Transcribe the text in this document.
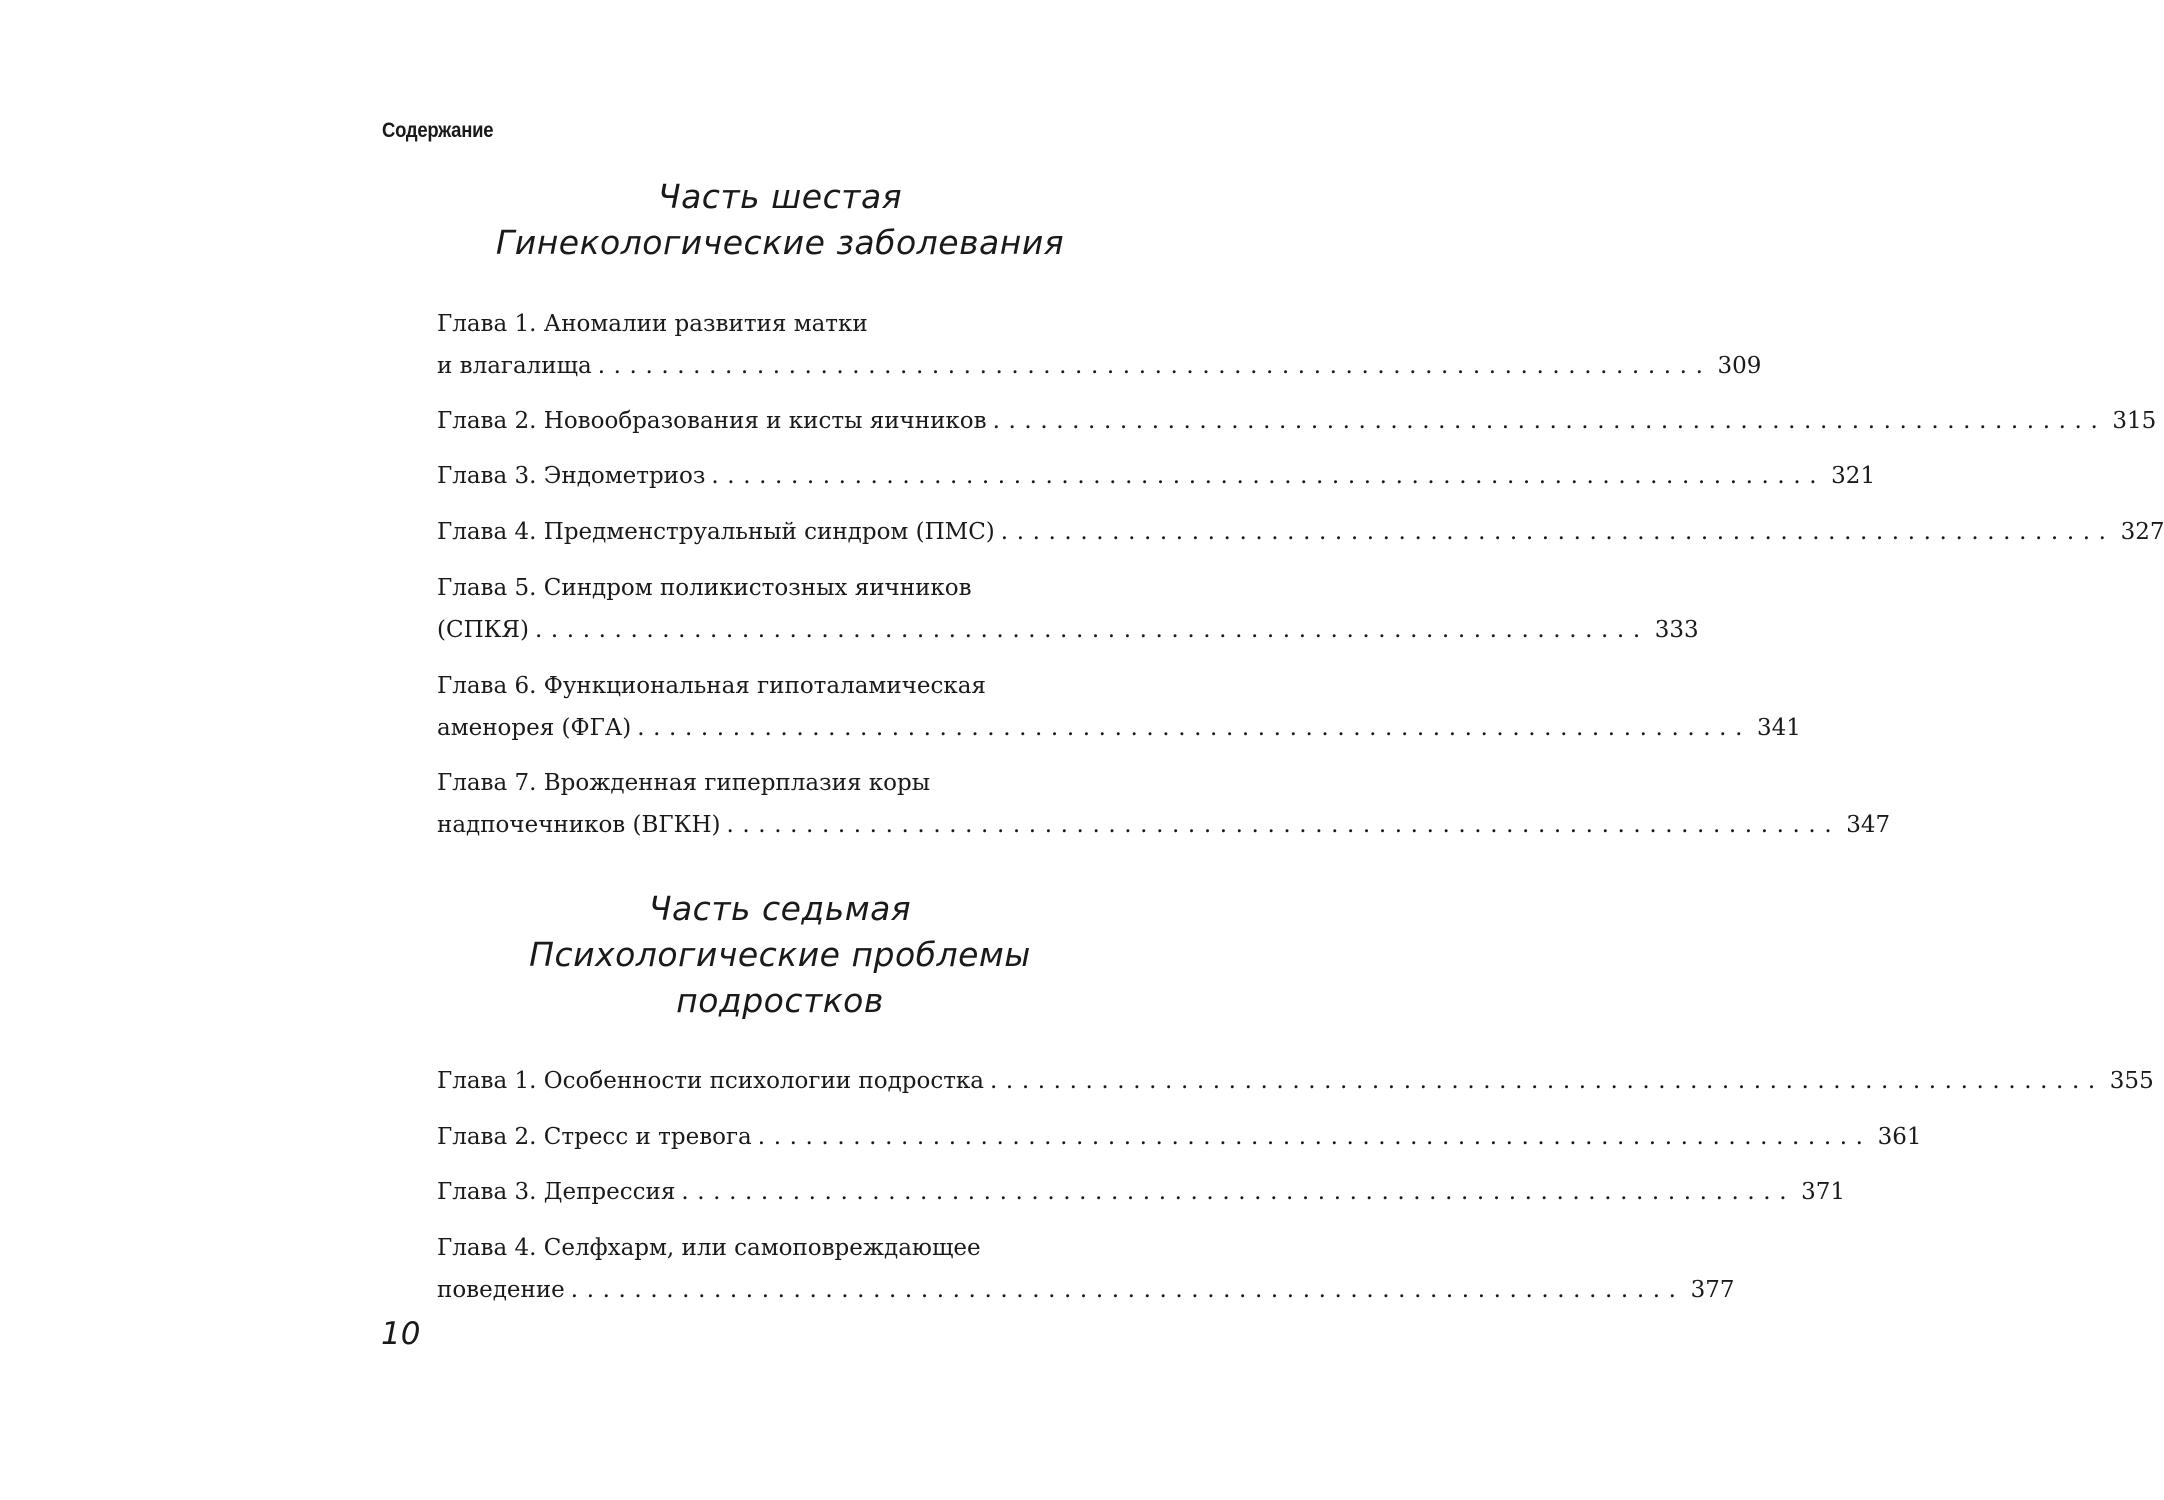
Содержание
Часть шестая
Гинекологические заболевания
Глава 1. Аномалии развития матки
и влагалища ...................................................................... 309
Глава 2. Новообразования и кисты яичников ...................................................................... 315
Глава 3. Эндометриоз ...................................................................... 321
Глава 4. Предменструальный синдром (ПМС) ...................................................................... 327
Глава 5. Синдром поликистозных яичников
(СПКЯ) ...................................................................... 333
Глава 6. Функциональная гипоталамическая
аменорея (ФГА) ...................................................................... 341
Глава 7. Врожденная гиперплазия коры
надпочечников (ВГКН) ...................................................................... 347
Часть седьмая
Психологические проблемы
подростков
Глава 1. Особенности психологии подростка ...................................................................... 355
Глава 2. Стресс и тревога ...................................................................... 361
Глава 3. Депрессия ...................................................................... 371
Глава 4. Селфхарм, или самоповреждающее
поведение ...................................................................... 377
10
